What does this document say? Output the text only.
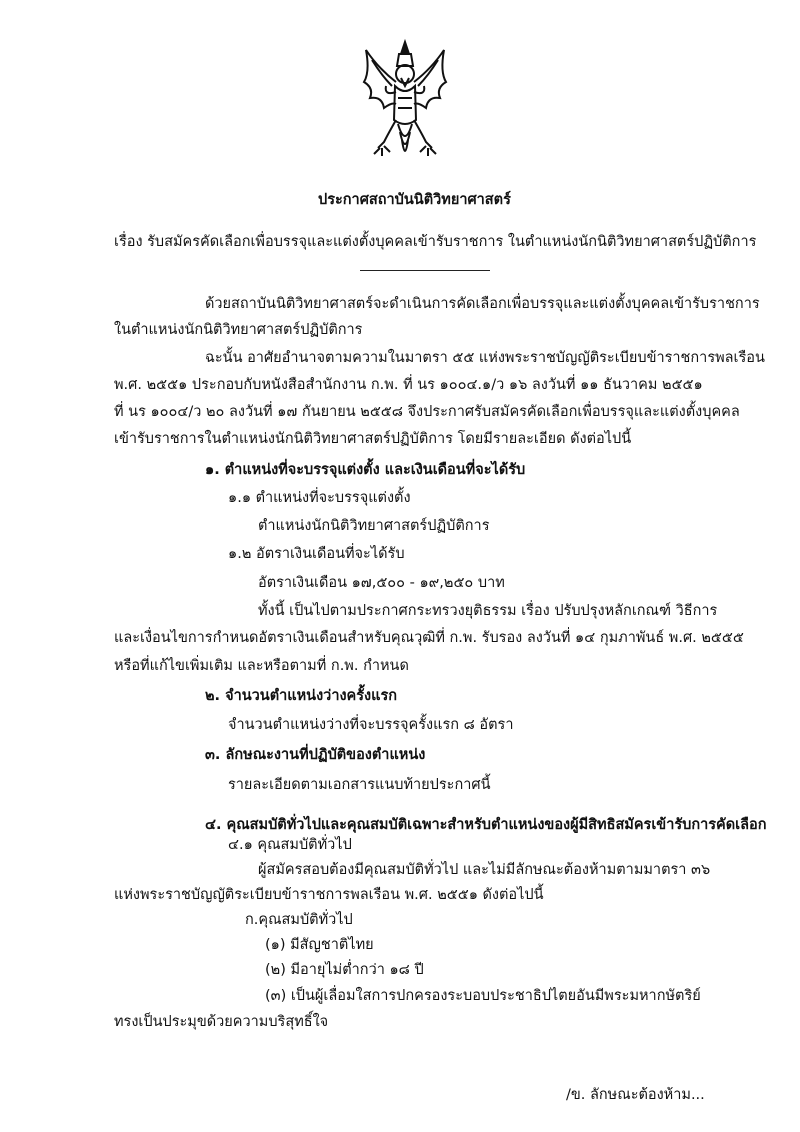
ประกาศสถาบันนิติวิทยาศาสตร์
เรื่อง รับสมัครคัดเลือกเพื่อบรรจุและแต่งตั้งบุคคลเข้ารับราชการ ในตำแหน่งนักนิติวิทยาศาสตร์ปฏิบัติการ
ด้วยสถาบันนิติวิทยาศาสตร์จะดำเนินการคัดเลือกเพื่อบรรจุและแต่งตั้งบุคคลเข้ารับราชการ
ในตำแหน่งนักนิติวิทยาศาสตร์ปฏิบัติการ
ฉะนั้น อาศัยอำนาจตามความในมาตรา ๕๕ แห่งพระราชบัญญัติระเบียบข้าราชการพลเรือน
พ.ศ. ๒๕๕๑ ประกอบกับหนังสือสำนักงาน ก.พ. ที่ นร ๑๐๐๔.๑/ว ๑๖ ลงวันที่ ๑๑ ธันวาคม ๒๕๕๑
ที่ นร ๑๐๐๔/ว ๒๐ ลงวันที่ ๑๗ กันยายน ๒๕๕๘ จึงประกาศรับสมัครคัดเลือกเพื่อบรรจุและแต่งตั้งบุคคล
เข้ารับราชการในตำแหน่งนักนิติวิทยาศาสตร์ปฏิบัติการ โดยมีรายละเอียด ดังต่อไปนี้
๑. ตำแหน่งที่จะบรรจุแต่งตั้ง และเงินเดือนที่จะได้รับ
๑.๑ ตำแหน่งที่จะบรรจุแต่งตั้ง
ตำแหน่งนักนิติวิทยาศาสตร์ปฏิบัติการ
๑.๒ อัตราเงินเดือนที่จะได้รับ
อัตราเงินเดือน ๑๗,๕๐๐ - ๑๙,๒๕๐ บาท
ทั้งนี้ เป็นไปตามประกาศกระทรวงยุติธรรม เรื่อง ปรับปรุงหลักเกณฑ์ วิธีการ
และเงื่อนไขการกำหนดอัตราเงินเดือนสำหรับคุณวุฒิที่ ก.พ. รับรอง ลงวันที่ ๑๔ กุมภาพันธ์ พ.ศ. ๒๕๕๕
หรือที่แก้ไขเพิ่มเติม และหรือตามที่ ก.พ. กำหนด
๒. จำนวนตำแหน่งว่างครั้งแรก
จำนวนตำแหน่งว่างที่จะบรรจุครั้งแรก ๘ อัตรา
๓. ลักษณะงานที่ปฏิบัติของตำแหน่ง
รายละเอียดตามเอกสารแนบท้ายประกาศนี้
๔. คุณสมบัติทั่วไปและคุณสมบัติเฉพาะสำหรับตำแหน่งของผู้มีสิทธิสมัครเข้ารับการคัดเลือก
๔.๑ คุณสมบัติทั่วไป
ผู้สมัครสอบต้องมีคุณสมบัติทั่วไป และไม่มีลักษณะต้องห้ามตามมาตรา ๓๖
แห่งพระราชบัญญัติระเบียบข้าราชการพลเรือน พ.ศ. ๒๕๕๑ ดังต่อไปนี้
ก.คุณสมบัติทั่วไป
(๑) มีสัญชาติไทย
(๒) มีอายุไม่ต่ำกว่า ๑๘ ปี
(๓) เป็นผู้เลื่อมใสการปกครองระบอบประชาธิปไตยอันมีพระมหากษัตริย์
ทรงเป็นประมุขด้วยความบริสุทธิ์ใจ
/ข. ลักษณะต้องห้าม...
